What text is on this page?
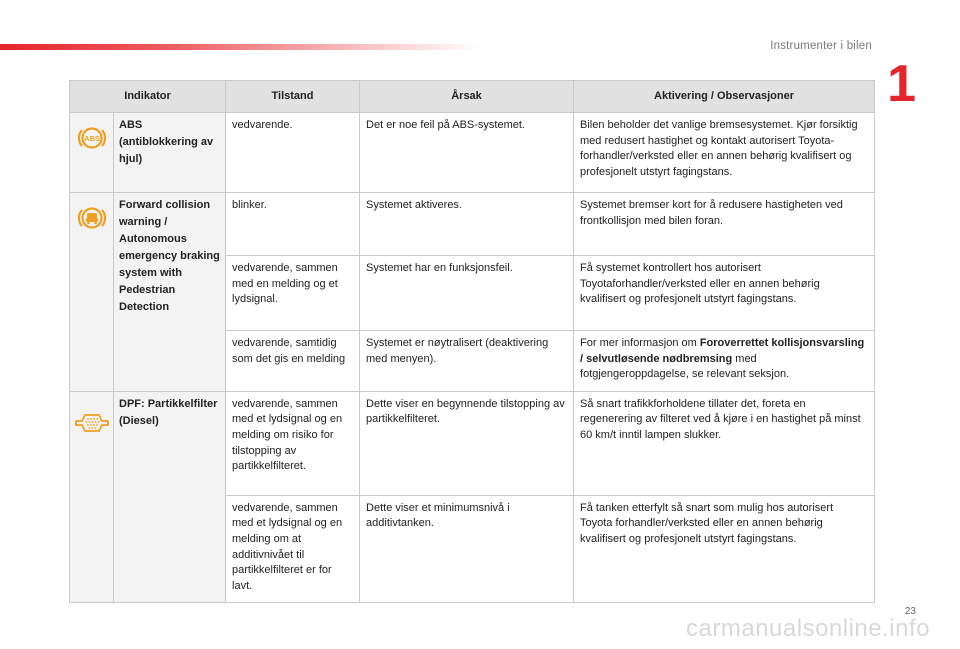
Instrumenter i bilen
1
Indikator		Tilstand	Årsak	Aktivering / Observasjoner

ABS	ABS (antiblokkering av hjul)	vedvarende.	Det er noe feil på ABS-systemet.	Bilen beholder det vanlige bremsesystemet. Kjør forsiktig med redusert hastighet og kontakt autorisert Toyota-forhandler/verksted eller en annen behørig kvalifisert og profesjonelt utstyrt fagingstans.
	Forward collision warning / Autonomous emergency braking system with Pedestrian Detection	blinker.	Systemet aktiveres.	Systemet bremser kort for å redusere hastigheten ved frontkollisjon med bilen foran.
		vedvarende, sammen med en melding og et lydsignal.	Systemet har en funksjonsfeil.	Få systemet kontrollert hos autorisert Toyotaforhandler/verksted eller en annen behørig kvalifisert og profesjonelt utstyrt fagingstans.
		vedvarende, samtidig som det gis en melding	Systemet er nøytralisert (deaktivering med menyen).	For mer informasjon om Foroverrettet kollisjonsvarsling / selvutløsende nødbremsing med fotgjengeroppdagelse, se relevant seksjon.
	DPF: Partikkelfilter (Diesel)	vedvarende, sammen med et lydsignal og en melding om risiko for tilstopping av partikkelfilteret.	Dette viser en begynnende tilstopping av partikkelfilteret.	Så snart trafikkforholdene tillater det, foreta en regenerering av filteret ved å kjøre i en hastighet på minst 60 km/t inntil lampen slukker.
		vedvarende, sammen med et lydsignal og en melding om at additivnivået til partikkelfilteret er for lavt.	Dette viser et minimumsnivå i additivtanken.	Få tanken etterfylt så snart som mulig hos autorisert Toyota forhandler/verksted eller en annen behørig kvalifisert og profesjonelt utstyrt fagingstans.
23
carmanualsonline.info
